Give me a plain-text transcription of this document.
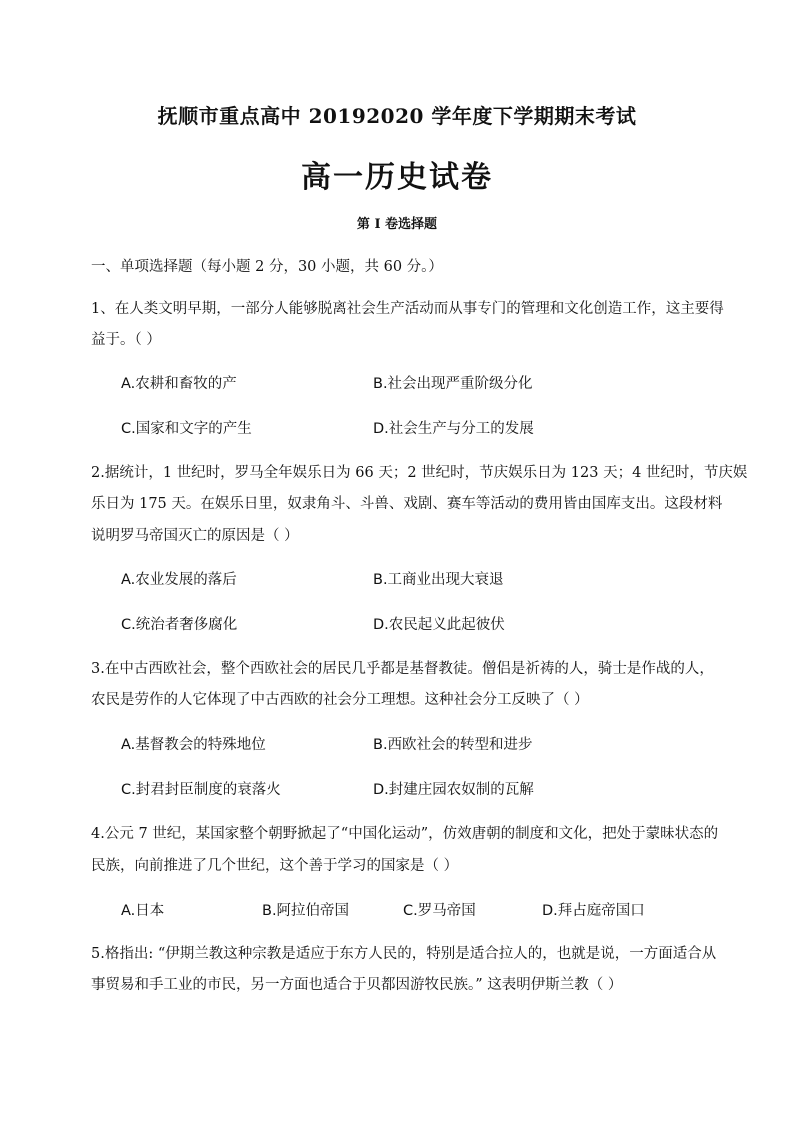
抚顺市重点高中 20192020 学年度下学期期末考试
高一历史试卷
第 I 卷选择题
一、单项选择题（每小题 2 分，30 小题，共 60 分。）
1、在人类文明早期，一部分人能够脱离社会生产活动而从事专门的管理和文化创造工作，这主要得
益于。（ ）
A.农耕和畜牧的产	B.社会出现严重阶级分化
C.国家和文字的产生	D.社会生产与分工的发展
2.据统计，1 世纪时，罗马全年娱乐日为 66 天；2 世纪时，节庆娱乐日为 123 天；4 世纪时，节庆娱
乐日为 175 天。在娱乐日里，奴隶角斗、斗兽、戏剧、赛车等活动的费用皆由国库支出。这段材料
说明罗马帝国灭亡的原因是（ ）
A.农业发展的落后	B.工商业出现大衰退
C.统治者奢侈腐化	D.农民起义此起彼伏
3.在中古西欧社会，整个西欧社会的居民几乎都是基督教徒。僧侣是祈祷的人，骑士是作战的人，
农民是劳作的人它体现了中古西欧的社会分工理想。这种社会分工反映了（ ）
A.基督教会的特殊地位	B.西欧社会的转型和进步
C.封君封臣制度的衰落火	D.封建庄园农奴制的瓦解
4.公元 7 世纪，某国家整个朝野掀起了“中国化运动”，仿效唐朝的制度和文化，把处于蒙昧状态的
民族，向前推进了几个世纪，这个善于学习的国家是（ ）
A.日本	B.阿拉伯帝国	C.罗马帝国	D.拜占庭帝国口
5.格指出: “伊期兰教这种宗教是适应于东方人民的，特别是适合拉人的，也就是说，一方面适合从
事贸易和手工业的市民，另一方面也适合于贝都因游牧民族。” 这表明伊斯兰教（ ）
